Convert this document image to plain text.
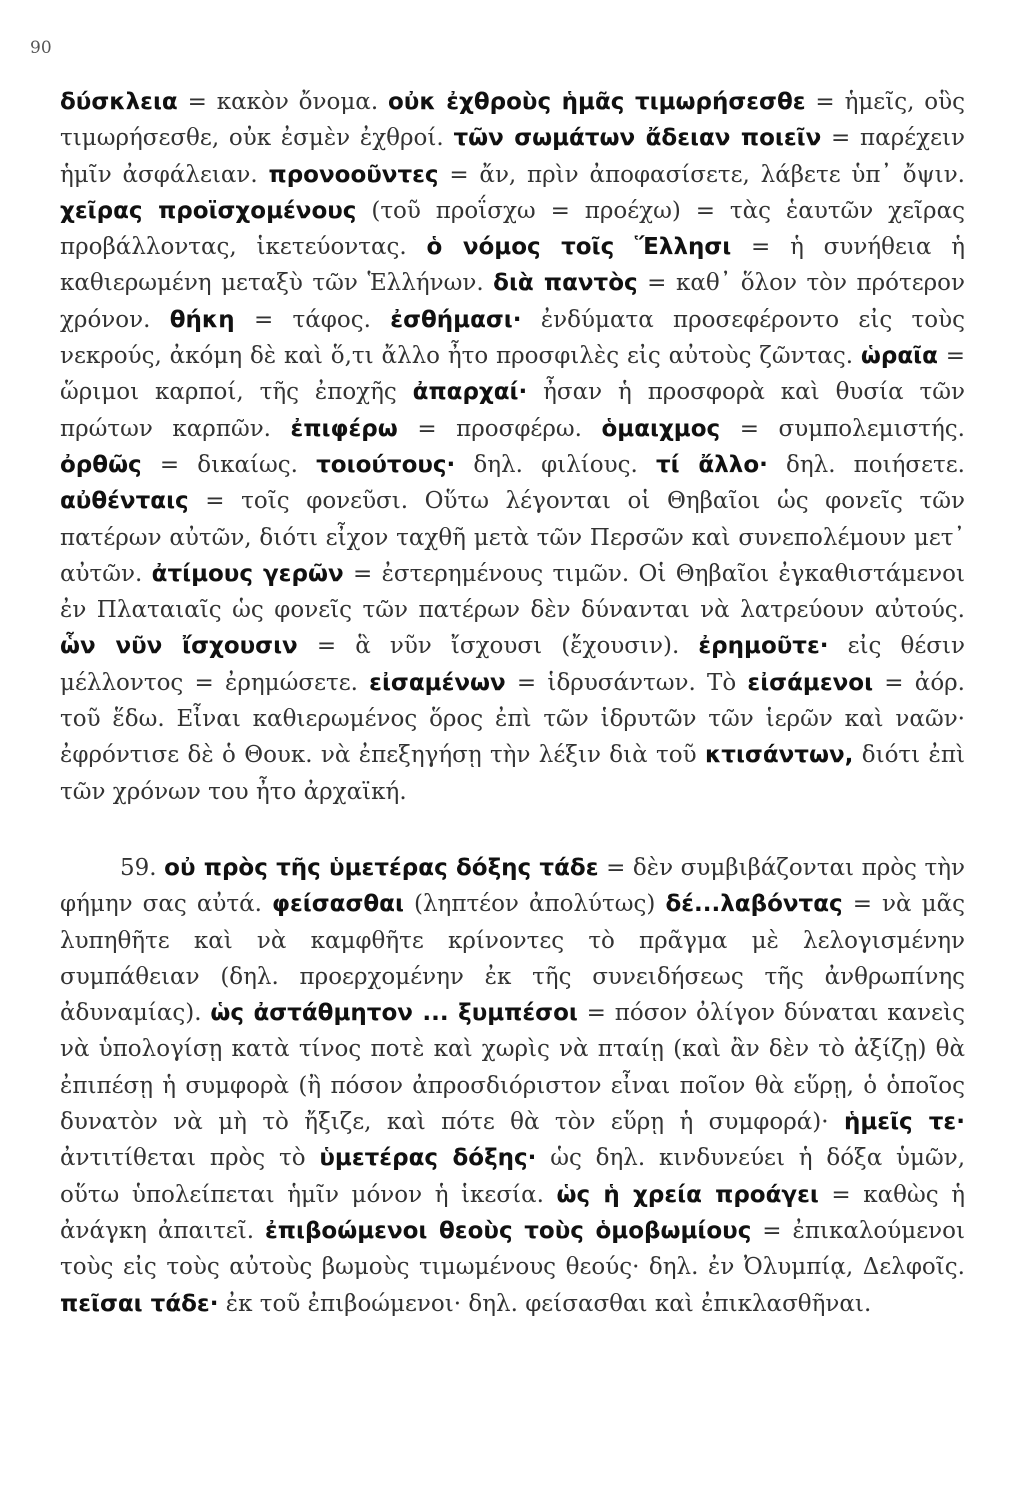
90

δύσκλεια = κακὸν ὄνομα. οὐκ ἐχθροὺς ἡμᾶς τιμωρήσεσθε = ἡμεῖς, οὓς τιμωρήσεσθε, οὐκ ἐσμὲν ἐχθροί. τῶν σωμάτων ἄδειαν ποιεῖν = παρέχειν ἡμῖν ἀσφάλειαν. προνοοῦντες = ἄν, πρὶν ἀποφασίσετε, λάβετε ὑπ᾿ ὄψιν. χεῖρας προϊσχομένους (τοῦ προΐσχω = προέχω) = τὰς ἑαυτῶν χεῖρας προβάλλοντας, ἱκετεύοντας. ὁ νόμος τοῖς Ἕλλησι = ἡ συνήθεια ἡ καθιερωμένη μεταξὺ τῶν Ἑλλήνων. διὰ παντὸς = καθ᾿ ὅλον τὸν πρότερον χρόνον. θήκη = τάφος. ἐσθήμασι· ἐνδύματα προσεφέροντο εἰς τοὺς νεκρούς, ἀκόμη δὲ καὶ ὅ,τι ἄλλο ἦτο προσφιλὲς εἰς αὐτοὺς ζῶντας. ὡραῖα = ὥριμοι καρποί, τῆς ἐποχῆς ἀπαρχαί· ἦσαν ἡ προσφορὰ καὶ θυσία τῶν πρώτων καρπῶν. ἐπιφέρω = προσφέρω. ὁμαιχμος = συμπολεμιστής. ὀρθῶς = δικαίως. τοιούτους· δηλ. φιλίους. τί ἄλλο· δηλ. ποιήσετε. αὐθένταις = τοῖς φονεῦσι. Οὕτω λέγονται οἱ Θηβαῖοι ὡς φονεῖς τῶν πατέρων αὐτῶν, διότι εἶχον ταχθῆ μετὰ τῶν Περσῶν καὶ συνεπολέμουν μετ᾿ αὐτῶν. ἀτίμους γερῶν = ἐστερημένους τιμῶν. Οἱ Θηβαῖοι ἐγκαθιστάμενοι ἐν Πλαταιαῖς ὡς φονεῖς τῶν πατέρων δὲν δύνανται νὰ λατρεύουν αὐτούς. ὧν νῦν ἴσχουσιν = ἃ νῦν ἴσχουσι (ἔχουσιν). ἐρημοῦτε· εἰς θέσιν μέλλοντος = ἐρημώσετε. εἰσαμένων = ἱδρυσάντων. Τὸ εἰσάμενοι = ἀόρ. τοῦ ἕδω. Εἶναι καθιερωμένος ὅρος ἐπὶ τῶν ἱδρυτῶν τῶν ἱερῶν καὶ ναῶν· ἐφρόντισε δὲ ὁ Θουκ. νὰ ἐπεξηγήσῃ τὴν λέξιν διὰ τοῦ κτισάντων, διότι ἐπὶ τῶν χρόνων του ἦτο ἀρχαϊκή.

59. οὐ πρὸς τῆς ὑμετέρας δόξης τάδε = δὲν συμβιβάζονται πρὸς τὴν φήμην σας αὐτά. φείσασθαι (ληπτέον ἀπολύτως) δέ...λαβόντας = νὰ μᾶς λυπηθῆτε καὶ νὰ καμφθῆτε κρίνοντες τὸ πρᾶγμα μὲ λελογισμένην συμπάθειαν (δηλ. προερχομένην ἐκ τῆς συνειδήσεως τῆς ἀνθρωπίνης ἀδυναμίας). ὡς ἀστάθμητον ... ξυμπέσοι = πόσον ὀλίγον δύναται κανεὶς νὰ ὑπολογίσῃ κατὰ τίνος ποτὲ καὶ χωρὶς νὰ πταίῃ (καὶ ἂν δὲν τὸ ἀξίζῃ) θὰ ἐπιπέσῃ ἡ συμφορὰ (ἢ πόσον ἀπροσδιόριστον εἶναι ποῖον θὰ εὕρῃ, ὁ ὁποῖος δυνατὸν νὰ μὴ τὸ ἤξιζε, καὶ πότε θὰ τὸν εὕρῃ ἡ συμφορά)· ἡμεῖς τε· ἀντιτίθεται πρὸς τὸ ὑμετέρας δόξης· ὡς δηλ. κινδυνεύει ἡ δόξα ὑμῶν, οὕτω ὑπολείπεται ἡμῖν μόνον ἡ ἱκεσία. ὡς ἡ χρεία προάγει = καθὼς ἡ ἀνάγκη ἀπαιτεῖ. ἐπιβοώμενοι θεοὺς τοὺς ὁμοβωμίους = ἐπικαλούμενοι τοὺς εἰς τοὺς αὐτοὺς βωμοὺς τιμωμένους θεούς· δηλ. ἐν Ὀλυμπίᾳ, Δελφοῖς. πεῖσαι τάδε· ἐκ τοῦ ἐπιβοώμενοι· δηλ. φείσασθαι καὶ ἐπικλασθῆναι.
